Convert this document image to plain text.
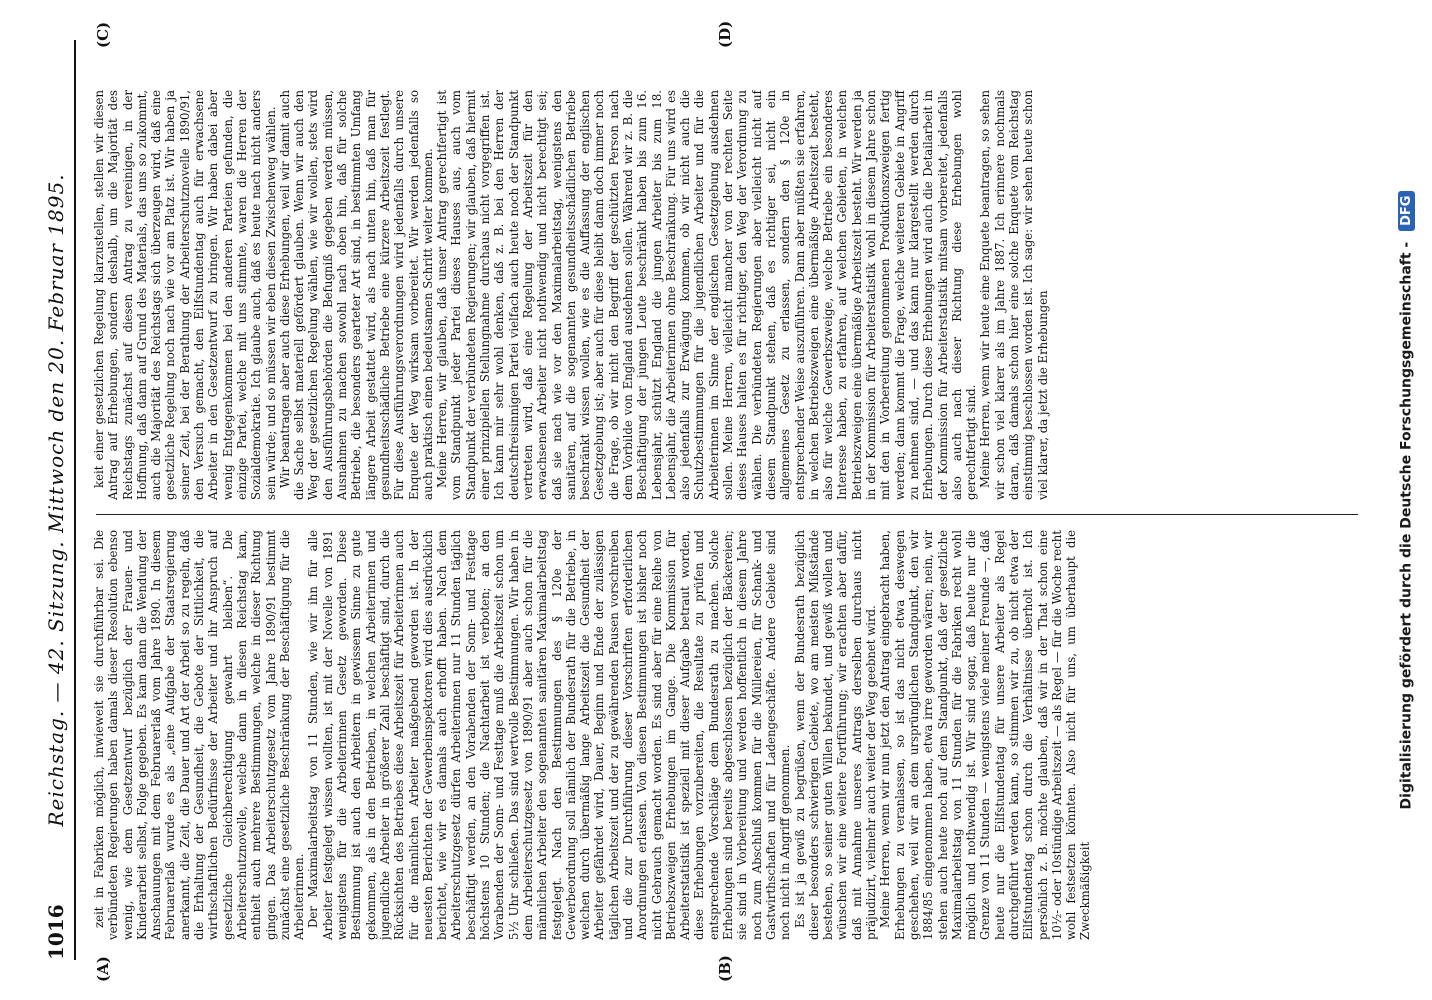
1016
Reichstag. — 42. Sitzung. Mittwoch den 20. Februar 1895.
(A)	(B)
(C)	(D)

zeit in Fabriken möglich, inwieweit sie durchführbar sei. Die verbündeten Regierungen haben damals dieser Resolution ebenso wenig, wie dem Gesetzentwurf bezüglich der Frauen- und Kinderarbeit selbst, Folge gegeben. Es kam dann die Wendung der Anschauungen mit dem Februarerlaß vom Jahre 1890. In diesem Februarerlaß wurde es als „eine Aufgabe der Staatsregierung anerkannt, die Zeit, die Dauer und Art der Arbeit so zu regeln, daß die Erhaltung der Gesundheit, die Gebote der Sittlichkeit, die wirthschaftlichen Bedürfnisse der Arbeiter und ihr Anspruch auf gesetzliche Gleichberechtigung gewahrt bleiben“. Die Arbeiterschutznovelle, welche dann in diesen Reichstag kam, enthielt auch mehrere Bestimmungen, welche in dieser Richtung gingen. Das Arbeiterschutzgesetz vom Jahre 1890/91 bestimmt zunächst eine gesetzliche Beschränkung der Beschäftigung für die Arbeiterinnen. Der Maximalarbeitstag von 11 Stunden, wie wir ihn für alle Arbeiter festgelegt wissen wollten, ist mit der Novelle von 1891 wenigstens für die Arbeiterinnen Gesetz geworden. Diese Bestimmung ist auch den Arbeitern in gewissem Sinne zu gute gekommen, als in den Betrieben, in welchen Arbeiterinnen und jugendliche Arbeiter in größerer Zahl beschäftigt sind, durch die Rücksichten des Betriebes diese Arbeitszeit für Arbeiterinnen auch für die männlichen Arbeiter maßgebend geworden ist. In der neuesten Berichten der Gewerbeinspektoren wird dies ausdrücklich berichtet, wie wir es damals auch erhofft haben. Nach dem Arbeiterschutzgesetz dürfen Arbeiterinnen nur 11 Stunden täglich beschäftigt werden, an den Vorabenden der Sonn- und Festtage höchstens 10 Stunden; die Nachtarbeit ist verboten; an den Vorabenden der Sonn- und Festtage muß die Arbeitszeit schon um 5½ Uhr schließen. Das sind wertvolle Bestimmungen. Wir haben in dem Arbeiterschutzgesetz von 1890/91 aber auch schon für die männlichen Arbeiter den sogenannten sanitären Maximalarbeitstag festgelegt. Nach den Bestimmungen des § 120e der Gewerbeordnung soll nämlich der Bundesrath für die Betriebe, in welchen durch übermäßig lange Arbeitszeit die Gesundheit der Arbeiter gefährdet wird, Dauer, Beginn und Ende der zulässigen täglichen Arbeitszeit und der zu gewährenden Pausen vorschreiben und die zur Durchführung dieser Vorschriften erforderlichen Anordnungen erlassen. Von diesen Bestimmungen ist bisher noch nicht Gebrauch gemacht worden. Es sind aber für eine Reihe von Betriebszweigen Erhebungen im Gange. Die Kommission für Arbeiterstatistik ist speziell mit dieser Aufgabe betraut worden, diese Erhebungen vorzubereiten, die Resultate zu prüfen und entsprechende Vorschläge dem Bundesrath zu machen. Solche Erhebungen sind bereits abgeschlossen bezüglich der Bäckereien; sie sind in Vorbereitung und werden hoffentlich in diesem Jahre noch zum Abschluß kommen für die Müllereien, für Schank- und Gastwirthschaften und für Ladengeschäfte. Andere Gebiete sind noch nicht in Angriff genommen. Es ist ja gewiß zu begrüßen, wenn der Bundesrath bezüglich dieser besonders schwierigen Gebiete, wo am meisten Mißstände bestehen, so seiner guten Willen bekundet, und gewiß wollen und wünschen wir eine weitere Fortführung; wir erachten aber dafür, daß mit Annahme unseres Antrags derselben durchaus nicht präjudizirt, vielmehr auch weiter der Weg geebnet wird. Meine Herren, wenn wir nun jetzt den Antrag eingebracht haben, Erhebungen zu veranlassen, so ist das nicht etwa deswegen geschehen, weil wir an dem ursprünglichen Standpunkt, den wir 1884/85 eingenommen haben, etwa irre geworden wären; nein, wir stehen auch heute noch auf dem Standpunkt, daß der gesetzliche Maximalarbeitstag von 11 Stunden für die Fabriken recht wohl möglich und nothwendig ist. Wir sind sogar, daß heute nur die Grenze von 11 Stunden — wenigstens viele meiner Freunde —, daß heute nur die Eilfstundentag für unsere Arbeiter als Regel durchgeführt werden kann, so stimmen wir zu, ob nicht etwa der Eilfstundentag schon durch die Verhältnisse überholt ist. Ich persönlich z. B. möchte glauben, daß wir in der That schon eine 10½- oder 10stündige Arbeitszeit — als Regel — für die Woche recht wohl festsetzen könnten. Also nicht für uns, um überhaupt die Zweckmäßigkeit

keit einer gesetzlichen Regelung klarzustellen, stellen wir diesen Antrag auf Erhebungen, sondern deshalb, um die Majorität des Reichstags zunächst auf diesen Antrag zu vereinigen, in der Hoffnung, daß dann auf Grund des Materials, das uns so zukommt, auch die Majorität des Reichstags sich überzeugen wird, daß eine gesetzliche Regelung noch nach wie vor am Platz ist. Wir haben ja seiner Zeit, bei der Berathung der Arbeiterschutznovelle 1890/91, den Versuch gemacht, den Eilfstundentag auch für erwachsene Arbeiter in den Gesetzentwurf zu bringen. Wir haben dabei aber wenig Entgegenkommen bei den anderen Parteien gefunden, die einzige Partei, welche mit uns stimmte, waren die Herren der Sozialdemokratie. Ich glaube auch, daß es heute nach nicht anders sein würde; und so müssen wir eben diesen Zwischenweg wählen. Wir beantragen aber auch diese Erhebungen, weil wir damit auch die Sache selbst materiell gefördert glauben. Wenn wir auch den Weg der gesetzlichen Regelung wählen, wie wir wollen, stets wird den Ausführungsbehörden die Befugniß gegeben werden müssen, Ausnahmen zu machen sowohl nach oben hin, daß für solche Betriebe, die besonders gearteter Art sind, in bestimmten Umfang längere Arbeit gestattet wird, als nach unten hin, daß man für gesundheitsschädliche Betriebe eine kürzere Arbeitszeit festlegt. Für diese Ausführungsverordnungen wird jedenfalls durch unsere Enquete der Weg wirksam vorbereitet. Wir werden jedenfalls so auch praktisch einen bedeutsamen Schritt weiter kommen. Meine Herren, wir glauben, daß unser Antrag gerechtfertigt ist vom Standpunkt jeder Partei dieses Hauses aus, auch vom Standpunkt der verbündeten Regierungen; wir glauben, daß hiermit einer prinzipiellen Stellungnahme durchaus nicht vorgegriffen ist. Ich kann mir sehr wohl denken, daß z. B. bei den Herren der deutschfreisinnigen Partei vielfach auch heute noch der Standpunkt vertreten wird, daß eine Regelung der Arbeitszeit für den erwachsenen Arbeiter nicht nothwendig und nicht berechtigt sei; daß sie nach wie vor den Maximalarbeitstag, wenigstens den sanitären, auf die sogenannten gesundheitsschädlichen Betriebe beschränkt wissen wollen, wie es die Auffassung der englischen Gesetzgebung ist; aber auch für diese bleibt dann doch immer noch die Frage, ob wir nicht den Begriff der geschützten Person nach dem Vorbilde von England ausdehnen sollen. Während wir z. B. die Beschäftigung der jungen Leute beschränkt haben bis zum 16. Lebensjahr, schützt England die jungen Arbeiter bis zum 18. Lebensjahr, die Arbeiterinnen ohne Beschränkung. Für uns wird es also jedenfalls zur Erwägung kommen, ob wir nicht auch die Schutzbestimmungen für die jugendlichen Arbeiter und für die Arbeiterinnen im Sinne der englischen Gesetzgebung ausdehnen sollen. Meine Herren, vielleicht mancher von der rechten Seite dieses Hauses halten es für richtiger, den Weg der Verordnung zu wählen. Die verbündeten Regierungen aber vielleicht nicht auf diesem Standpunkt stehen, daß es richtiger sei, nicht ein allgemeines Gesetz zu erlassen, sondern den § 120e in entsprechender Weise auszuführen. Dann aber müßten sie erfahren, in welchen Betriebszweigen eine übermäßige Arbeitszeit besteht, also für welche Gewerbszweige, welche Betriebe ein besonderes Interesse haben, zu erfahren, auf welchen Gebieten, in welchen Betriebszweigen eine übermäßige Arbeitszeit besteht. Wir werden ja in der Kommission für Arbeiterstatistik wohl in diesem Jahre schon mit den in Vorbereitung genommenen Produktionszweigen fertig werden; dann kommt die Frage, welche weiteren Gebiete in Angriff zu nehmen sind, — und das kann nur klargestellt werden durch Erhebungen. Durch diese Erhebungen wird auch die Detailarbeit in der Kommission für Arbeiterstatistik mitsam vorbereitet, jedenfalls also auch nach dieser Richtung diese Erhebungen wohl gerechtfertigt sind. Meine Herren, wenn wir heute eine Enquete beantragen, so sehen wir schon viel klarer als im Jahre 1887. Ich erinnere nochmals daran, daß damals schon hier eine solche Enquete vom Reichstag einstimmig beschlossen worden ist. Ich sage: wir sehen heute schon viel klarer, da jetzt die Erhebungen	Digitalisierung gefördert durch die Deutsche Forschungsgemeinschaft - DFG
